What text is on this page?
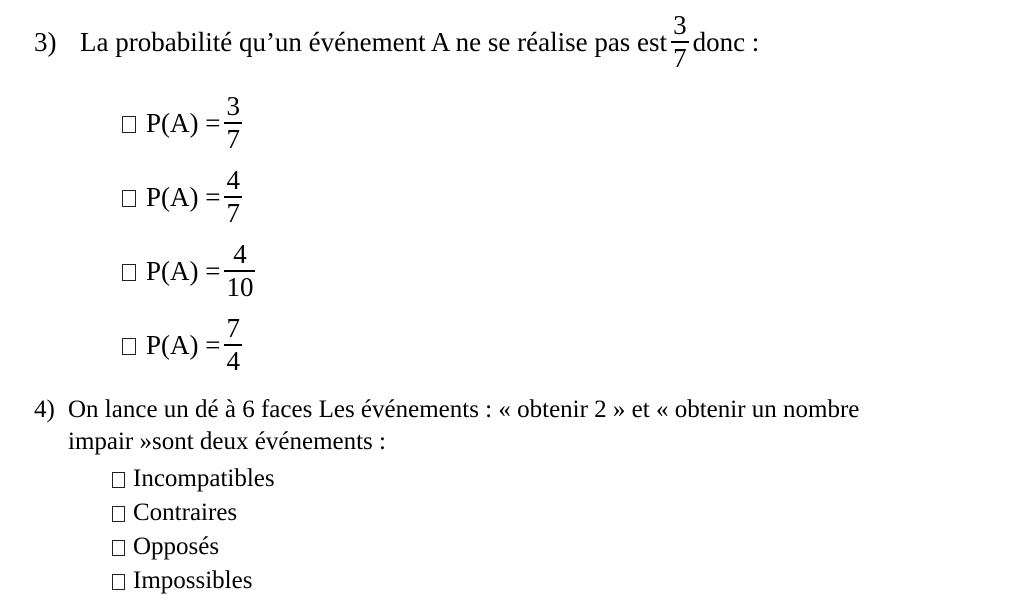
3) La probabilité qu’un événement A ne se réalise pas est $\frac{3}{7}$ donc :
$P(A) = \frac{3}{7}$
$P(A) = \frac{4}{7}$
$P(A) = \frac{4}{10}$
$P(A) = \frac{7}{4}$
4) On lance un dé à 6 faces Les événements : « obtenir 2 » et « obtenir un nombre
impair »sont deux événements :
Incompatibles
Contraires
Opposés
Impossibles
